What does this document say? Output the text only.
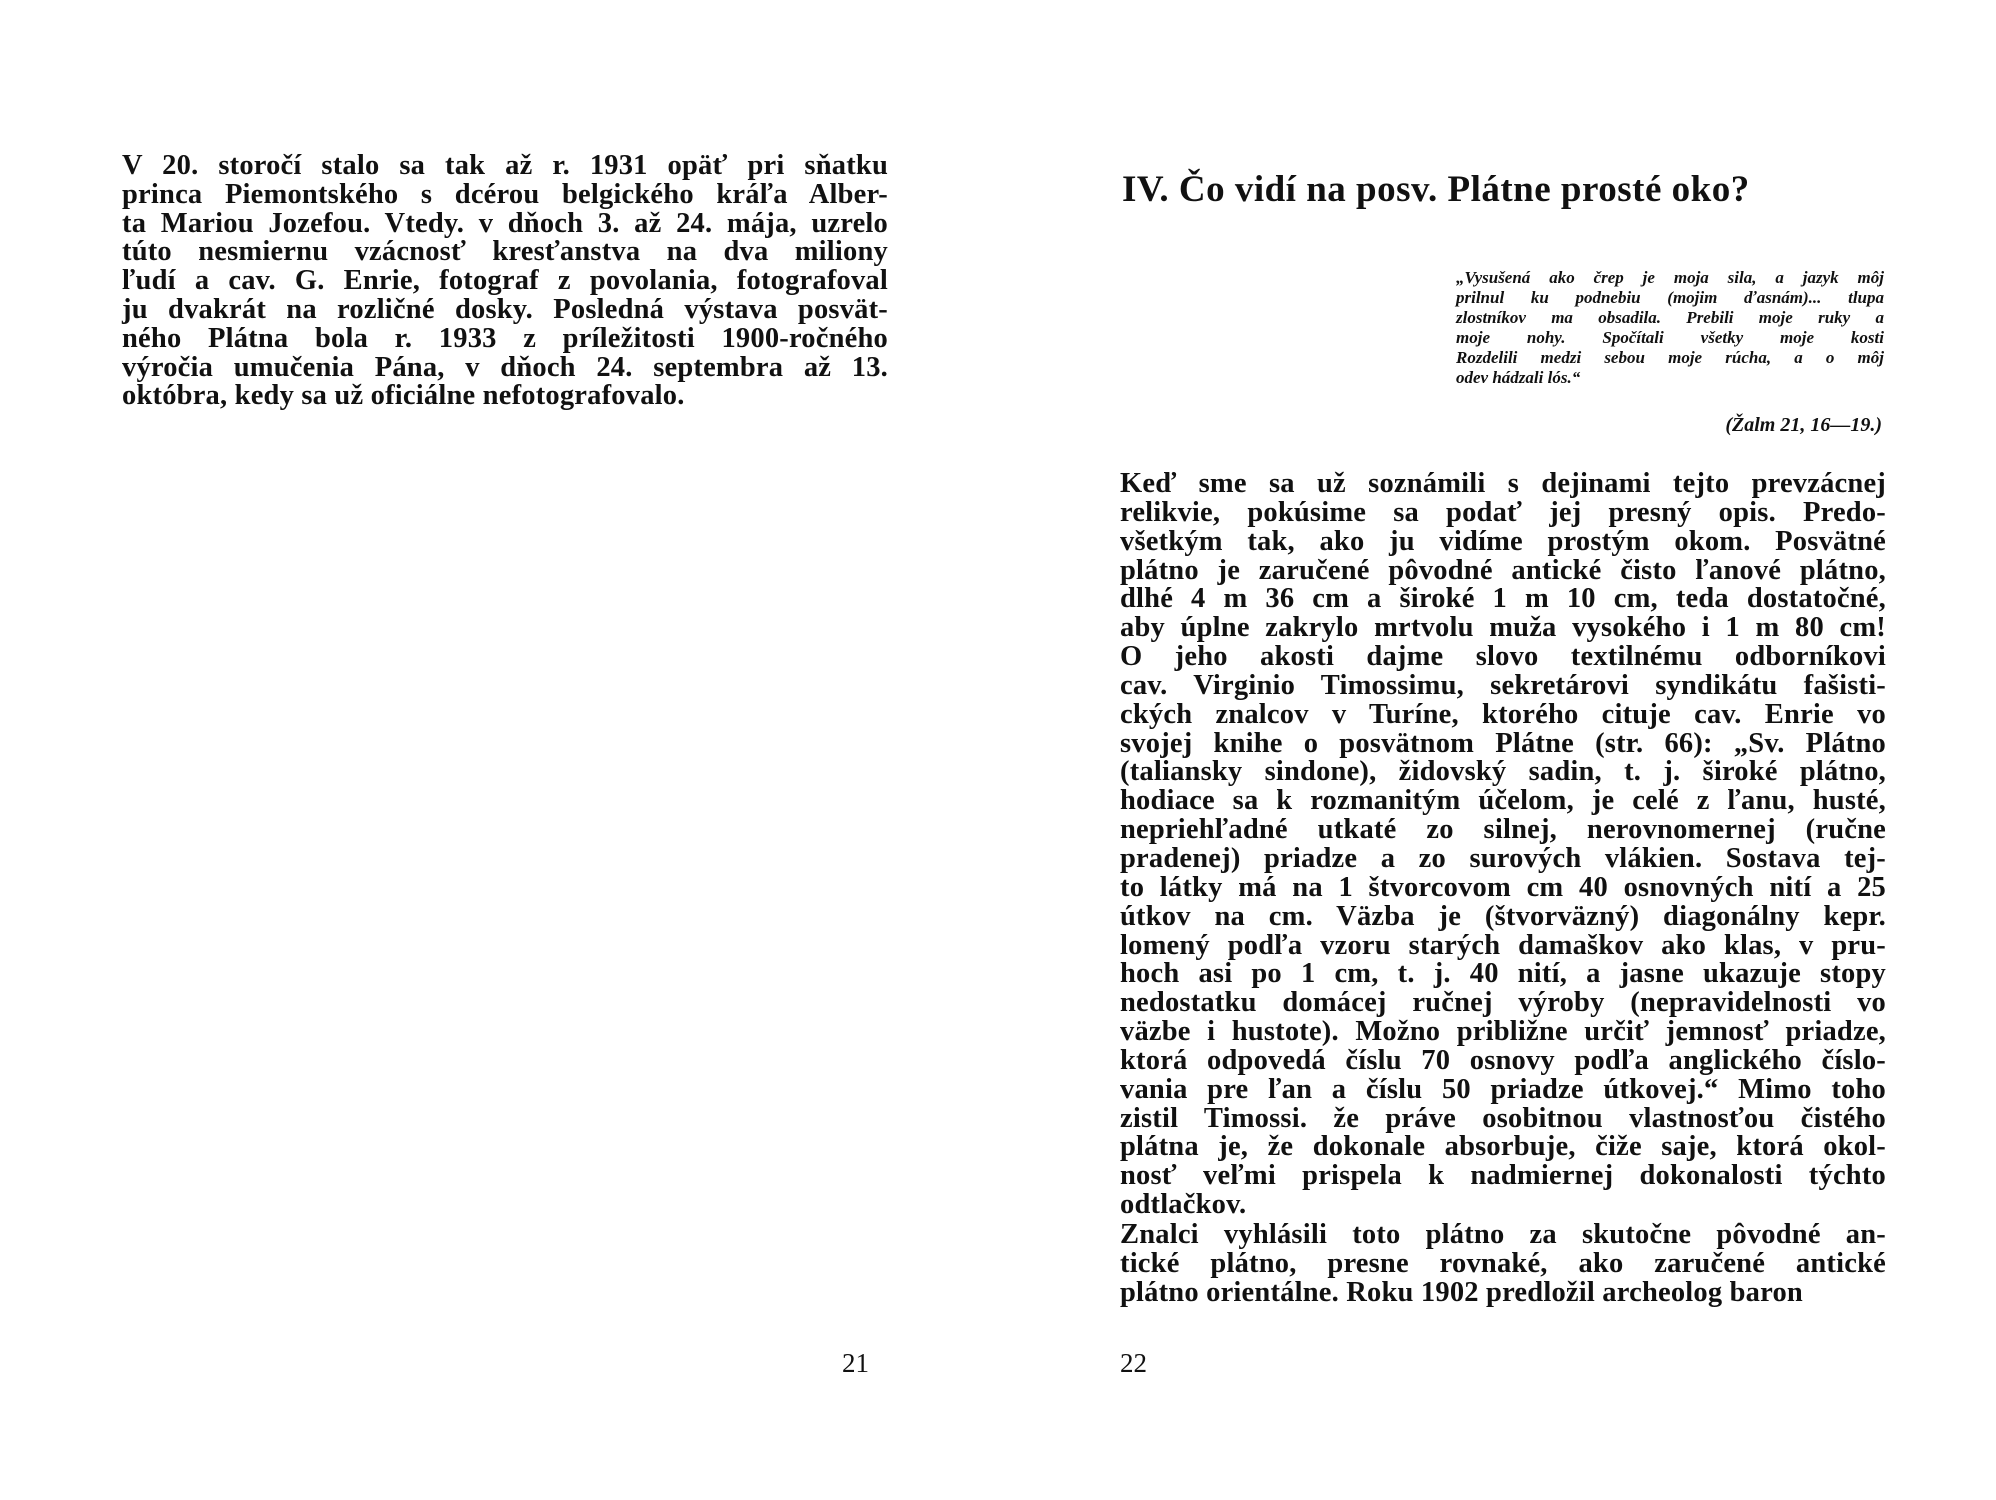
V 20. storočí stalo sa tak až r. 1931 opäť pri sňatku
princa Piemontského s dcérou belgického kráľa Alber-
ta Mariou Jozefou. Vtedy. v dňoch 3. až 24. mája, uzrelo
túto nesmiernu vzácnosť kresťanstva na dva miliony
ľudí a cav. G. Enrie, fotograf z povolania, fotografoval
ju dvakrát na rozličné dosky. Posledná výstava posvät-
ného Plátna bola r. 1933 z príležitosti 1900-ročného
výročia umučenia Pána, v dňoch 24. septembra až 13.
októbra, kedy sa už oficiálne nefotografovalo.
21
IV. Čo vidí na posv. Plátne prosté oko?
„Vysušená ako črep je moja sila, a jazyk môj
prilnul ku podnebiu (mojim ďasnám)... tlupa
zlostníkov ma obsadila. Prebili moje ruky a
moje nohy. Spočítali všetky moje kosti
Rozdelili medzi sebou moje rúcha, a o môj
odev hádzali lós.“
(Žalm 21, 16—19.)
Keď sme sa už soznámili s dejinami tejto prevzácnej
relikvie, pokúsime sa podať jej presný opis. Predo-
všetkým tak, ako ju vidíme prostým okom. Posvätné
plátno je zaručené pôvodné antické čisto ľanové plátno,
dlhé 4 m 36 cm a široké 1 m 10 cm, teda dostatočné,
aby úplne zakrylo mrtvolu muža vysokého i 1 m 80 cm!
O jeho akosti dajme slovo textilnému odborníkovi
cav. Virginio Timossimu, sekretárovi syndikátu fašisti-
ckých znalcov v Turíne, ktorého cituje cav. Enrie vo
svojej knihe o posvätnom Plátne (str. 66): „Sv. Plátno
(taliansky sindone), židovský sadin, t. j. široké plátno,
hodiace sa k rozmanitým účelom, je celé z ľanu, husté,
nepriehľadné utkaté zo silnej, nerovnomernej (ručne
pradenej) priadze a zo surových vlákien. Sostava tej-
to látky má na 1 štvorcovom cm 40 osnovných nití a 25
útkov na cm. Väzba je (štvorväzný) diagonálny kepr.
lomený podľa vzoru starých damaškov ako klas, v pru-
hoch asi po 1 cm, t. j. 40 nití, a jasne ukazuje stopy
nedostatku domácej ručnej výroby (nepravidelnosti vo
väzbe i hustote). Možno približne určiť jemnosť priadze,
ktorá odpovedá číslu 70 osnovy podľa anglického číslo-
vania pre ľan a číslu 50 priadze útkovej.“ Mimo toho
zistil Timossi. že práve osobitnou vlastnosťou čistého
plátna je, že dokonale absorbuje, čiže saje, ktorá okol-
nosť veľmi prispela k nadmiernej dokonalosti týchto
odtlačkov.
Znalci vyhlásili toto plátno za skutočne pôvodné an-
tické plátno, presne rovnaké, ako zaručené antické
plátno orientálne. Roku 1902 predložil archeolog baron
22
